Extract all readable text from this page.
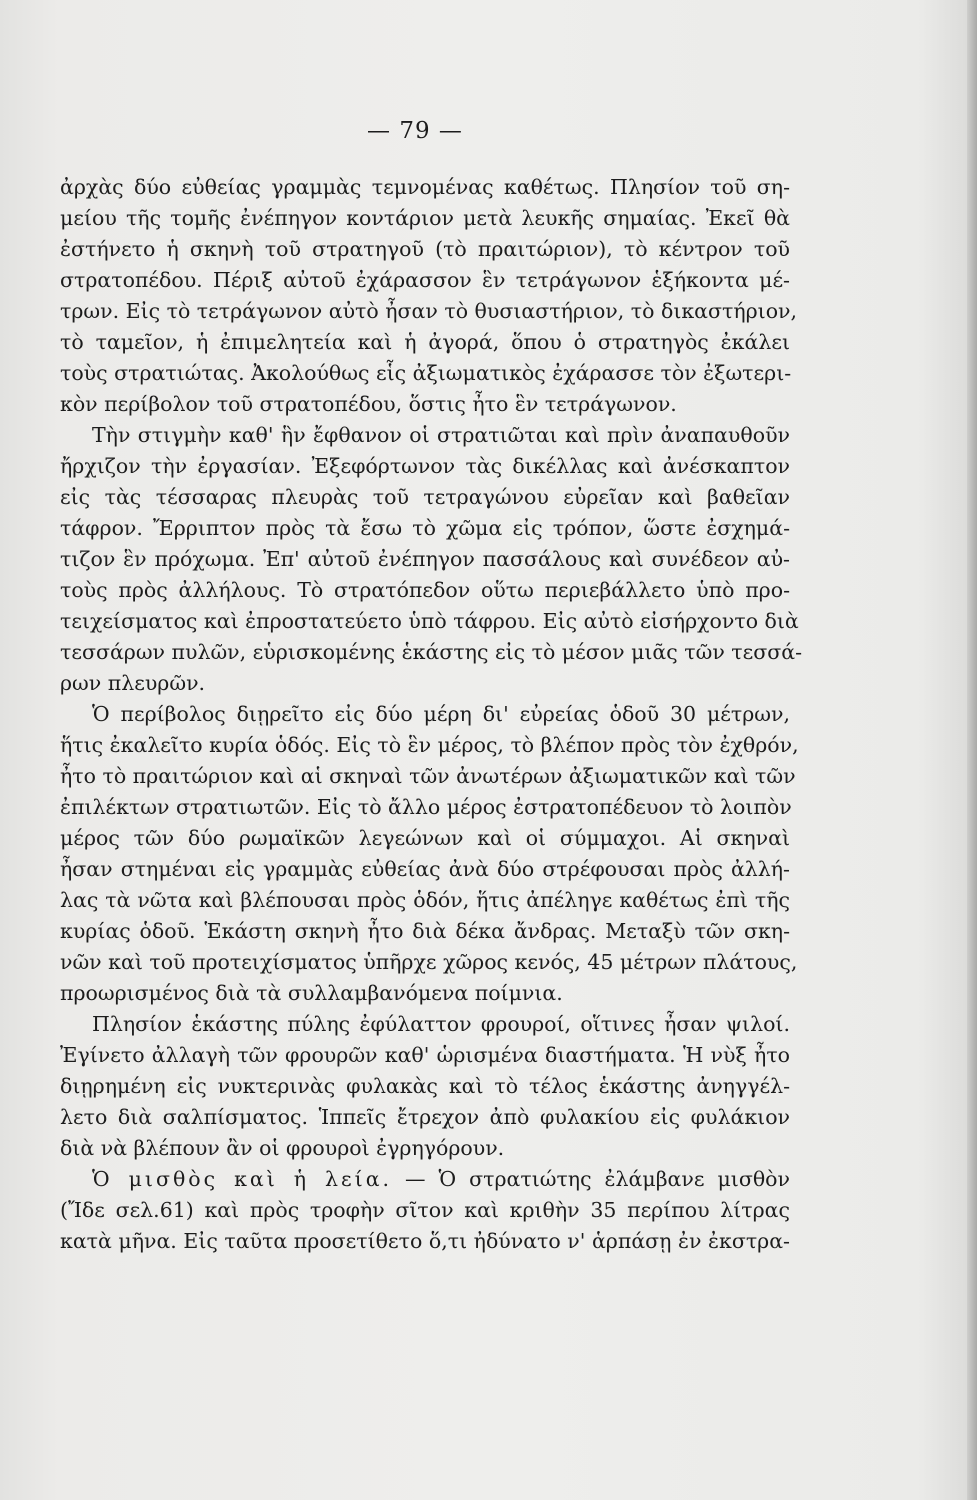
— 79 —
ἀρχὰς δύο εὐθείας γραμμὰς τεμνομένας καθέτως. Πλησίον τοῦ ση-
μείου τῆς τομῆς ἐνέπηγον κοντάριον μετὰ λευκῆς σημαίας. Ἐκεῖ θὰ
ἐστήνετο ἡ σκηνὴ τοῦ στρατηγοῦ (τὸ πραιτώριον), τὸ κέντρον τοῦ
στρατοπέδου. Πέριξ αὐτοῦ ἐχάρασσον ἓν τετράγωνον ἑξήκοντα μέ-
τρων. Εἰς τὸ τετράγωνον αὐτὸ ἦσαν τὸ θυσιαστήριον, τὸ δικαστήριον,
τὸ ταμεῖον, ἡ ἐπιμελητεία καὶ ἡ ἀγορά, ὅπου ὁ στρατηγὸς ἐκάλει
τοὺς στρατιώτας. Ἀκολούθως εἷς ἀξιωματικὸς ἐχάρασσε τὸν ἐξωτερι-
κὸν περίβολον τοῦ στρατοπέδου, ὅστις ἦτο ἓν τετράγωνον.
Τὴν στιγμὴν καθ' ἣν ἔφθανον οἱ στρατιῶται καὶ πρὶν ἀναπαυθοῦν
ἤρχιζον τὴν ἐργασίαν. Ἐξεφόρτωνον τὰς δικέλλας καὶ ἀνέσκαπτον
εἰς τὰς τέσσαρας πλευρὰς τοῦ τετραγώνου εὐρεῖαν καὶ βαθεῖαν
τάφρον. Ἔρριπτον πρὸς τὰ ἔσω τὸ χῶμα εἰς τρόπον, ὥστε ἐσχημά-
τιζον ἓν πρόχωμα. Ἐπ' αὐτοῦ ἐνέπηγον πασσάλους καὶ συνέδεον αὐ-
τοὺς πρὸς ἀλλήλους. Τὸ στρατόπεδον οὕτω περιεβάλλετο ὑπὸ προ-
τειχείσματος καὶ ἐπροστατεύετο ὑπὸ τάφρου. Εἰς αὐτὸ εἰσήρχοντο διὰ
τεσσάρων πυλῶν, εὑρισκομένης ἑκάστης εἰς τὸ μέσον μιᾶς τῶν τεσσά-
ρων πλευρῶν.
Ὁ περίβολος διῃρεῖτο εἰς δύο μέρη δι' εὐρείας ὁδοῦ 30 μέτρων,
ἥτις ἐκαλεῖτο κυρία ὁδός. Εἰς τὸ ἓν μέρος, τὸ βλέπον πρὸς τὸν ἐχθρόν,
ἦτο τὸ πραιτώριον καὶ αἱ σκηναὶ τῶν ἀνωτέρων ἀξιωματικῶν καὶ τῶν
ἐπιλέκτων στρατιωτῶν. Εἰς τὸ ἄλλο μέρος ἐστρατοπέδευον τὸ λοιπὸν
μέρος τῶν δύο ρωμαϊκῶν λεγεώνων καὶ οἱ σύμμαχοι. Αἱ σκηναὶ
ἦσαν στημέναι εἰς γραμμὰς εὐθείας ἀνὰ δύο στρέφουσαι πρὸς ἀλλή-
λας τὰ νῶτα καὶ βλέπουσαι πρὸς ὁδόν, ἥτις ἀπέληγε καθέτως ἐπὶ τῆς
κυρίας ὁδοῦ. Ἑκάστη σκηνὴ ἦτο διὰ δέκα ἄνδρας. Μεταξὺ τῶν σκη-
νῶν καὶ τοῦ προτειχίσματος ὑπῆρχε χῶρος κενός, 45 μέτρων πλάτους,
προωρισμένος διὰ τὰ συλλαμβανόμενα ποίμνια.
Πλησίον ἑκάστης πύλης ἐφύλαττον φρουροί, οἵτινες ἦσαν ψιλοί.
Ἐγίνετο ἀλλαγὴ τῶν φρουρῶν καθ' ὡρισμένα διαστήματα. Ἡ νὺξ ἦτο
διῃρημένη εἰς νυκτερινὰς φυλακὰς καὶ τὸ τέλος ἑκάστης ἀνηγγέλ-
λετο διὰ σαλπίσματος. Ἱππεῖς ἔτρεχον ἀπὸ φυλακίου εἰς φυλάκιον
διὰ νὰ βλέπουν ἂν οἱ φρουροὶ ἐγρηγόρουν.
Ὁ μισθὸς καὶ ἡ λεία. — Ὁ στρατιώτης ἐλάμβανε μισθὸν
(Ἴδε σελ.61) καὶ πρὸς τροφὴν σῖτον καὶ κριθὴν 35 περίπου λίτρας
κατὰ μῆνα. Εἰς ταῦτα προσετίθετο ὅ,τι ἠδύνατο ν' ἁρπάσῃ ἐν ἐκστρα-
